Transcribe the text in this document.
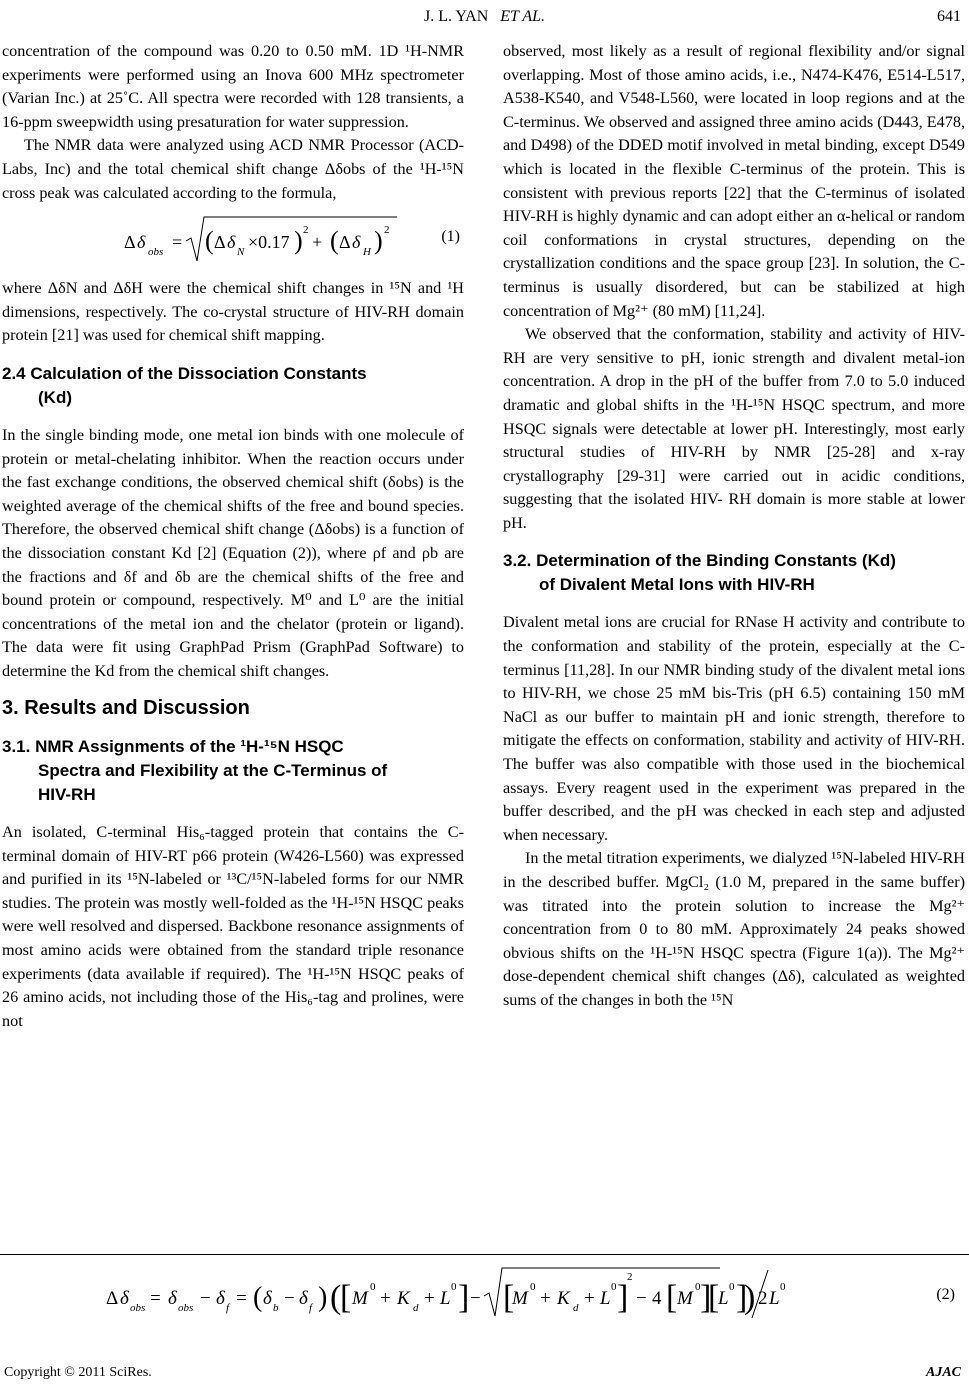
J. L. YAN ET AL.	641

concentration of the compound was 0.20 to 0.50 mM. 1D ¹H-NMR experiments were performed using an Inova 600 MHz spectrometer (Varian Inc.) at 25˚C. All spectra were recorded with 128 transients, a 16-ppm sweepwidth using presaturation for water suppression.

The NMR data were analyzed using ACD NMR Processor (ACD-Labs, Inc) and the total chemical shift change Δδobs of the ¹H-¹⁵N cross peak was calculated according to the formula,

Δ δ obs = ( Δ δ N ×0.17 ) 2
+ ( Δ δ H ) 2	(1)

where ΔδN and ΔδH were the chemical shift changes in ¹⁵N and ¹H dimensions, respectively. The co-crystal structure of HIV-RH domain protein [21] was used for chemical shift mapping.

2.4 Calculation of the Dissociation Constants
(Kd)

In the single binding mode, one metal ion binds with one molecule of protein or metal-chelating inhibitor. When the reaction occurs under the fast exchange conditions, the observed chemical shift (δobs) is the weighted average of the chemical shifts of the free and bound species. Therefore, the observed chemical shift change (Δδobs) is a function of the dissociation constant Kd [2] (Equation (2)), where ρf and ρb are the fractions and δf and δb are the chemical shifts of the free and bound protein or compound, respectively. M⁰ and L⁰ are the initial concentrations of the metal ion and the chelator (protein or ligand). The data were fit using GraphPad Prism (GraphPad Software) to determine the Kd from the chemical shift changes.

3. Results and Discussion

3.1. NMR Assignments of the ¹H-¹⁵N HSQC
Spectra and Flexibility at the C-Terminus of
HIV-RH

An isolated, C-terminal His₆-tagged protein that contains the C-terminal domain of HIV-RT p66 protein (W426-L560) was expressed and purified in its ¹⁵N-labeled or ¹³C/¹⁵N-labeled forms for our NMR studies. The protein was mostly well-folded as the ¹H-¹⁵N HSQC peaks were well resolved and dispersed. Backbone resonance assignments of most amino acids were obtained from the standard triple resonance experiments (data available if required). The ¹H-¹⁵N HSQC peaks of 26 amino acids, not including those of the His₆-tag and prolines, were not

observed, most likely as a result of regional flexibility and/or signal overlapping. Most of those amino acids, i.e., N474-K476, E514-L517, A538-K540, and V548-L560, were located in loop regions and at the C-terminus. We observed and assigned three amino acids (D443, E478, and D498) of the DDED motif involved in metal binding, except D549 which is located in the flexible C-terminus of the protein. This is consistent with previous reports [22] that the C-terminus of isolated HIV-RH is highly dynamic and can adopt either an α-helical or random coil conformations in crystal structures, depending on the crystallization conditions and the space group [23]. In solution, the C-terminus is usually disordered, but can be stabilized at high concentration of Mg²⁺ (80 mM) [11,24].

We observed that the conformation, stability and activity of HIV-RH are very sensitive to pH, ionic strength and divalent metal-ion concentration. A drop in the pH of the buffer from 7.0 to 5.0 induced dramatic and global shifts in the ¹H-¹⁵N HSQC spectrum, and more HSQC signals were detectable at lower pH. Interestingly, most early structural studies of HIV-RH by NMR [25-28] and x-ray crystallography [29-31] were carried out in acidic conditions, suggesting that the isolated HIV- RH domain is more stable at lower pH.

3.2. Determination of the Binding Constants (Kd)
of Divalent Metal Ions with HIV-RH

Divalent metal ions are crucial for RNase H activity and contribute to the conformation and stability of the protein, especially at the C-terminus [11,28]. In our NMR binding study of the divalent metal ions to HIV-RH, we chose 25 mM bis-Tris (pH 6.5) containing 150 mM NaCl as our buffer to maintain pH and ionic strength, therefore to mitigate the effects on conformation, stability and activity of HIV-RH. The buffer was also compatible with those used in the biochemical assays. Every reagent used in the experiment was prepared in the buffer described, and the pH was checked in each step and adjusted when necessary.

In the metal titration experiments, we dialyzed ¹⁵N-labeled HIV-RH in the described buffer. MgCl₂ (1.0 M, prepared in the same buffer) was titrated into the protein solution to increase the Mg²⁺ concentration from 0 to 80 mM. Approximately 24 peaks showed obvious shifts on the ¹H-¹⁵N HSQC spectra (Figure 1(a)). The Mg²⁺ dose-dependent chemical shift changes (Δδ), calculated as weighted sums of the changes in both the ¹⁵N

Δ δ obs = δ obs − δ f = ( δ b − δ f ) (
[ M
0
+ K d + L
0 ] − [
M
0
+ K d + L
0 ]
2
− 4 [ M
0 ]
[
L
0 ]
) 2 L
0	(2)
Copyright © 2011 SciRes.	AJAC
